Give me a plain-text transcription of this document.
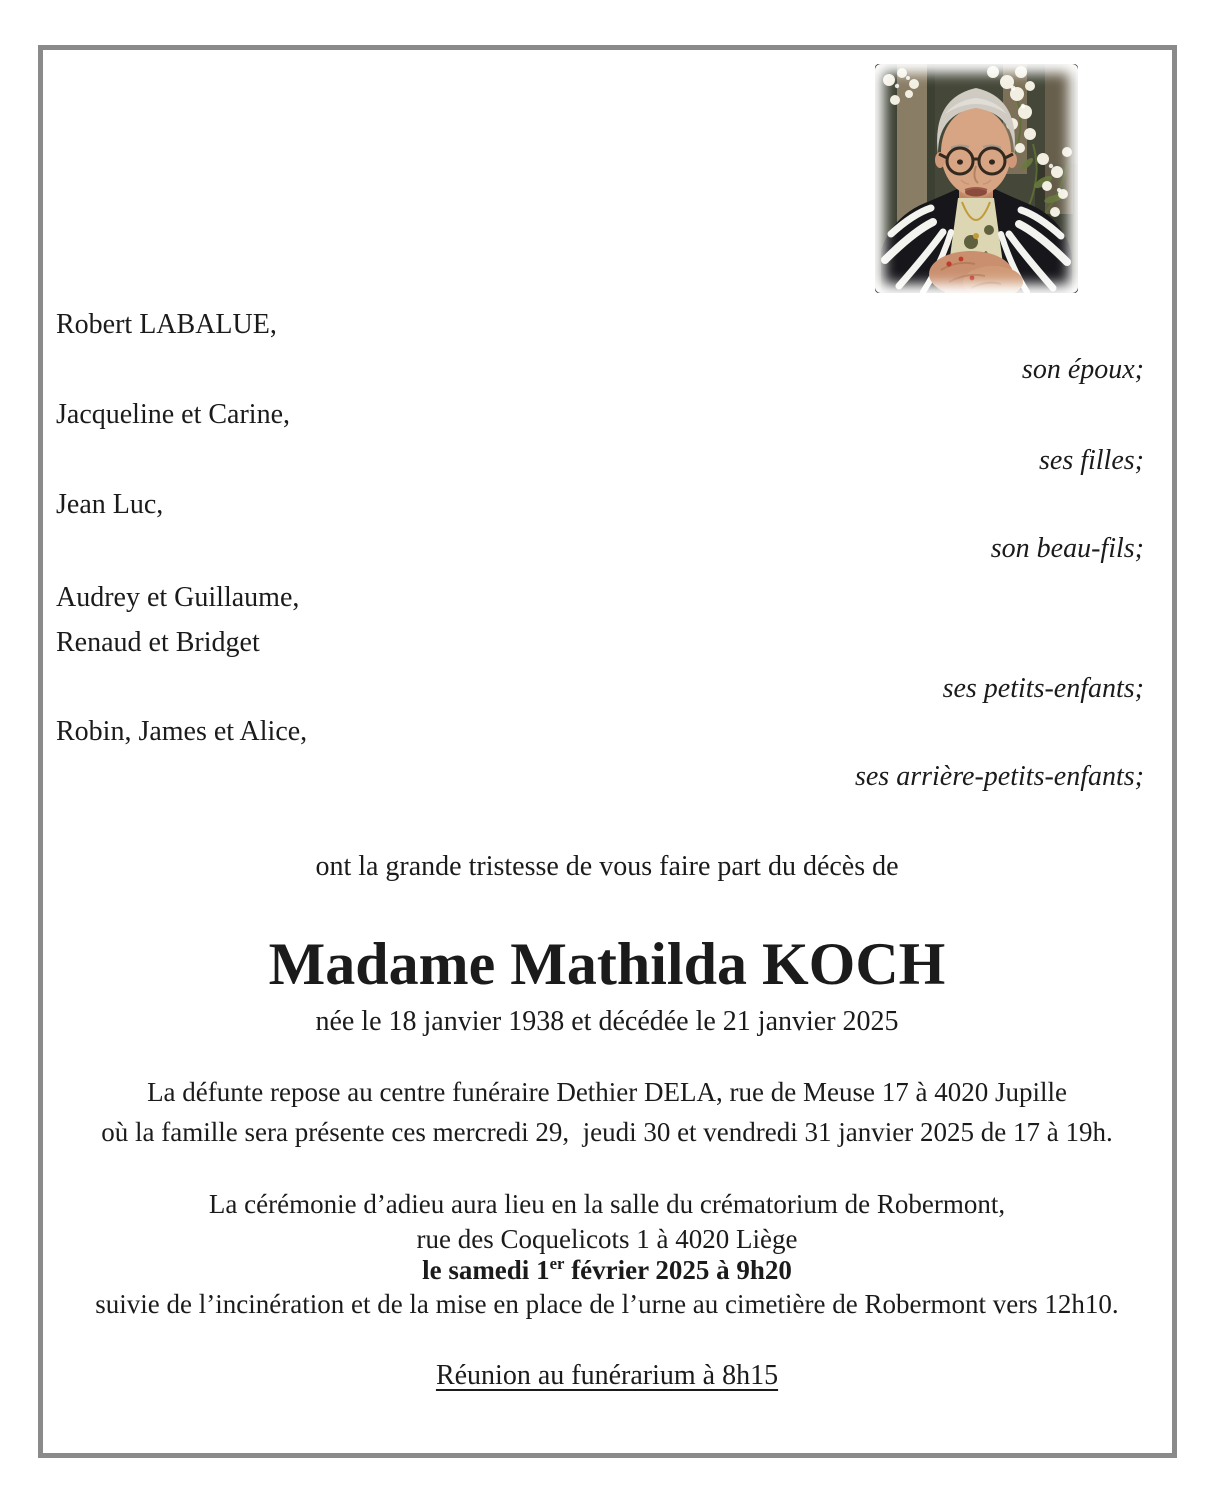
Robert LABALUE,
son époux;
Jacqueline et Carine,
ses filles;
Jean Luc,
son beau-fils;
Audrey et Guillaume,
Renaud et Bridget
ses petits-enfants;
Robin, James et Alice,
ses arrière-petits-enfants;
ont la grande tristesse de vous faire part du décès de
Madame Mathilda KOCH
née le 18 janvier 1938 et décédée le 21 janvier 2025
La défunte repose au centre funéraire Dethier DELA, rue de Meuse 17 à 4020 Jupille
où la famille sera présente ces mercredi 29,  jeudi 30 et vendredi 31 janvier 2025 de 17 à 19h.
La cérémonie d’adieu aura lieu en la salle du crématorium de Robermont,
rue des Coquelicots 1 à 4020 Liège
le samedi 1er février 2025 à 9h20
suivie de l’incinération et de la mise en place de l’urne au cimetière de Robermont vers 12h10.
Réunion au funérarium à 8h15
